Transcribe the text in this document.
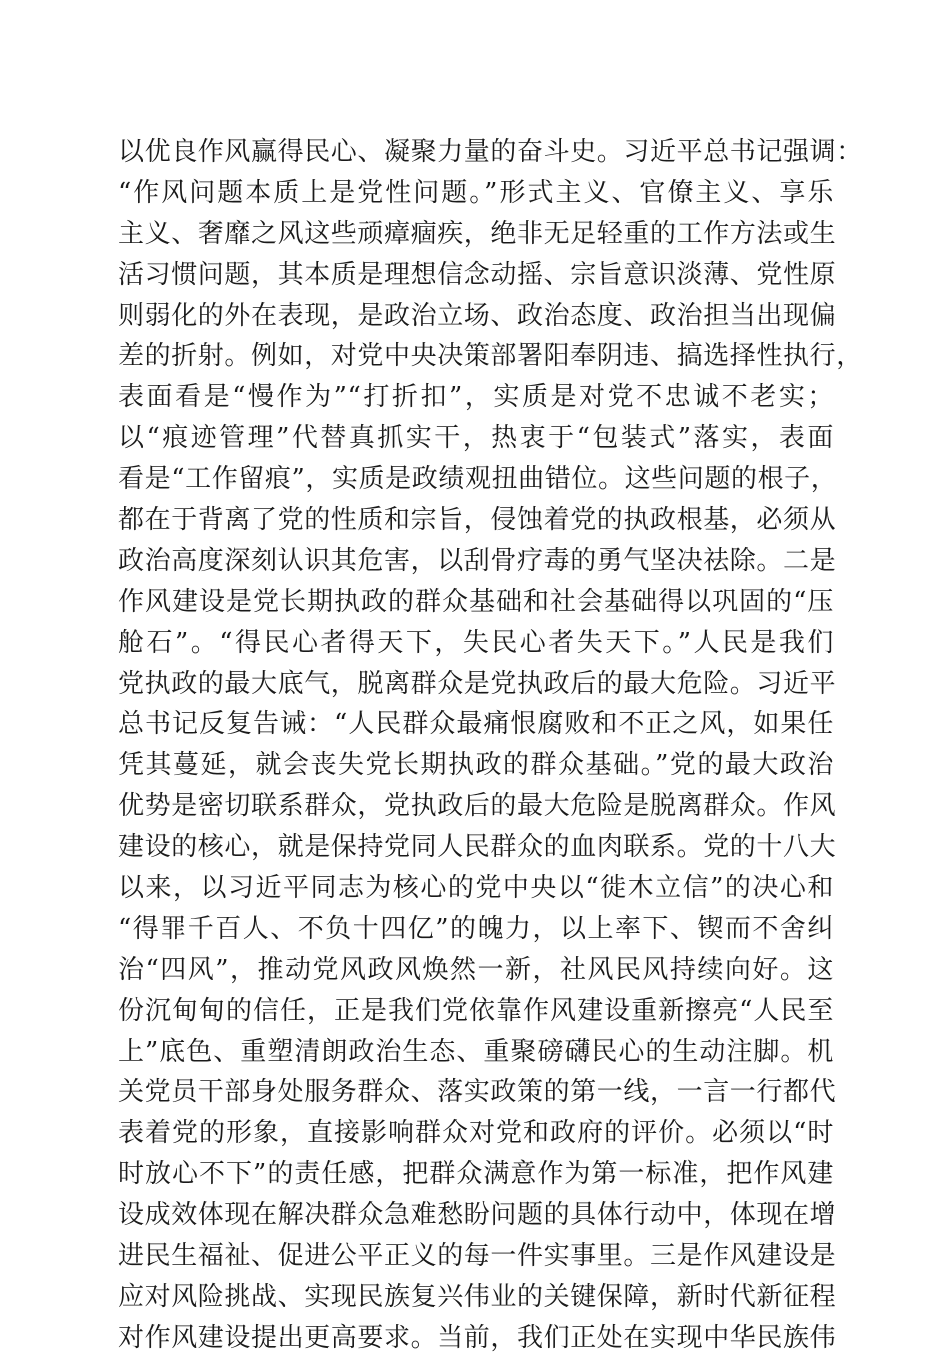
以优良作风赢得民心、凝聚力量的奋斗史。习近平总书记强调：
“作风问题本质上是党性问题。”形式主义、官僚主义、享乐
主义、奢靡之风这些顽瘴痼疾，绝非无足轻重的工作方法或生
活习惯问题，其本质是理想信念动摇、宗旨意识淡薄、党性原
则弱化的外在表现，是政治立场、政治态度、政治担当出现偏
差的折射。例如，对党中央决策部署阳奉阴违、搞选择性执行，
表面看是“慢作为”“打折扣”，实质是对党不忠诚不老实；
以“痕迹管理”代替真抓实干，热衷于“包装式”落实，表面
看是“工作留痕”，实质是政绩观扭曲错位。这些问题的根子，
都在于背离了党的性质和宗旨，侵蚀着党的执政根基，必须从
政治高度深刻认识其危害，以刮骨疗毒的勇气坚决祛除。二是
作风建设是党长期执政的群众基础和社会基础得以巩固的“压
舱石”。“得民心者得天下，失民心者失天下。”人民是我们
党执政的最大底气，脱离群众是党执政后的最大危险。习近平
总书记反复告诫：“人民群众最痛恨腐败和不正之风，如果任
凭其蔓延，就会丧失党长期执政的群众基础。”党的最大政治
优势是密切联系群众，党执政后的最大危险是脱离群众。作风
建设的核心，就是保持党同人民群众的血肉联系。党的十八大
以来，以习近平同志为核心的党中央以“徙木立信”的决心和
“得罪千百人、不负十四亿”的魄力，以上率下、锲而不舍纠
治“四风”，推动党风政风焕然一新，社风民风持续向好。这
份沉甸甸的信任，正是我们党依靠作风建设重新擦亮“人民至
上”底色、重塑清朗政治生态、重聚磅礴民心的生动注脚。机
关党员干部身处服务群众、落实政策的第一线，一言一行都代
表着党的形象，直接影响群众对党和政府的评价。必须以“时
时放心不下”的责任感，把群众满意作为第一标准，把作风建
设成效体现在解决群众急难愁盼问题的具体行动中，体现在增
进民生福祉、促进公平正义的每一件实事里。三是作风建设是
应对风险挑战、实现民族复兴伟业的关键保障，新时代新征程
对作风建设提出更高要求。当前，我们正处在实现中华民族伟
